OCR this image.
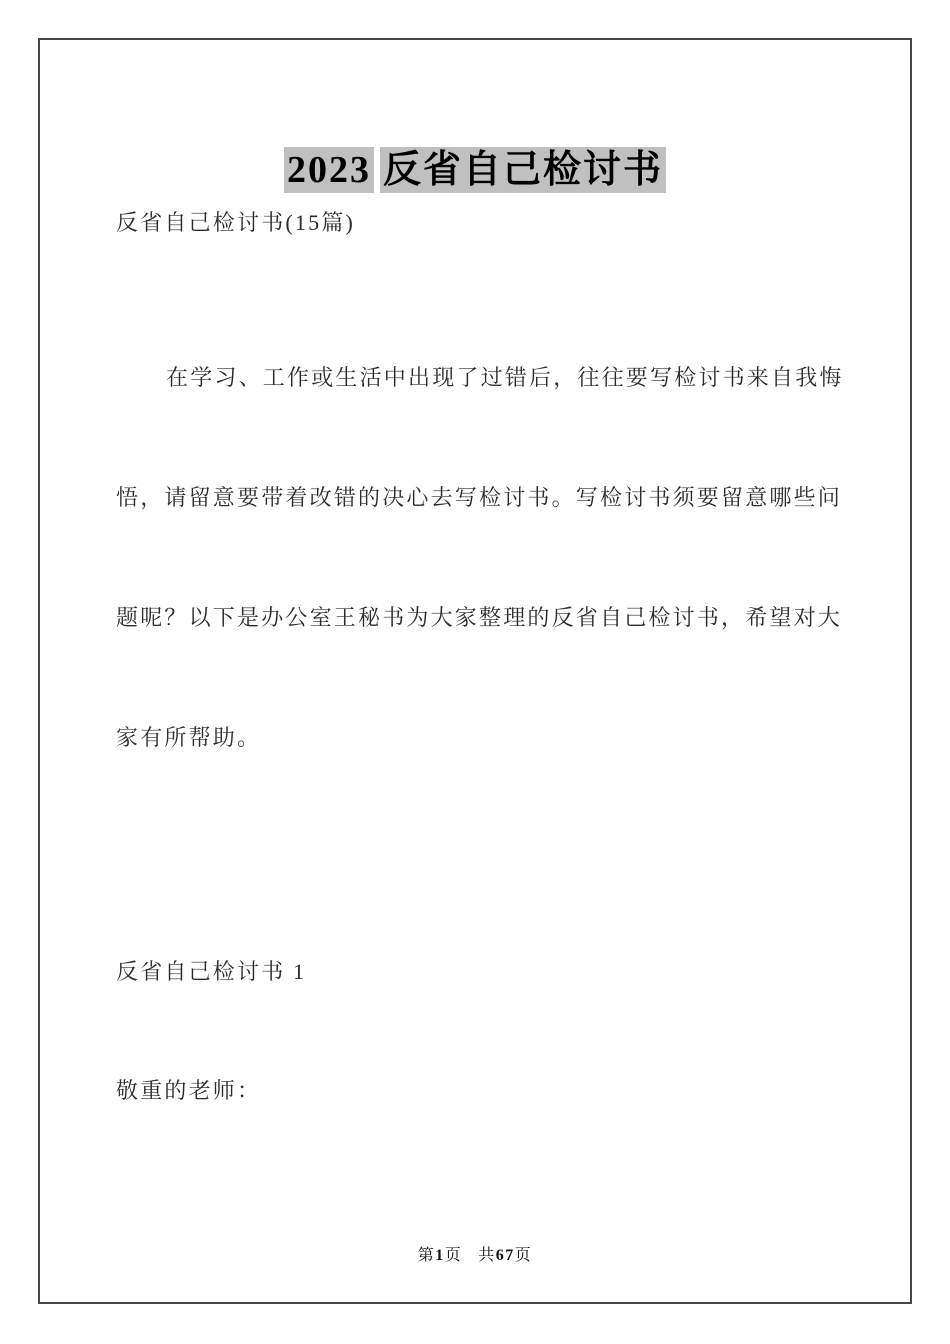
2023 反省自己检讨书
反省自己检讨书(15篇)

在学习、工作或生活中出现了过错后，往往要写检讨书来自我悔

悟，请留意要带着改错的决心去写检讨书。写检讨书须要留意哪些问

题呢？以下是办公室王秘书为大家整理的反省自己检讨书，希望对大

家有所帮助。

反省自己检讨书 1
敬重的老师：
第1页 共67页
